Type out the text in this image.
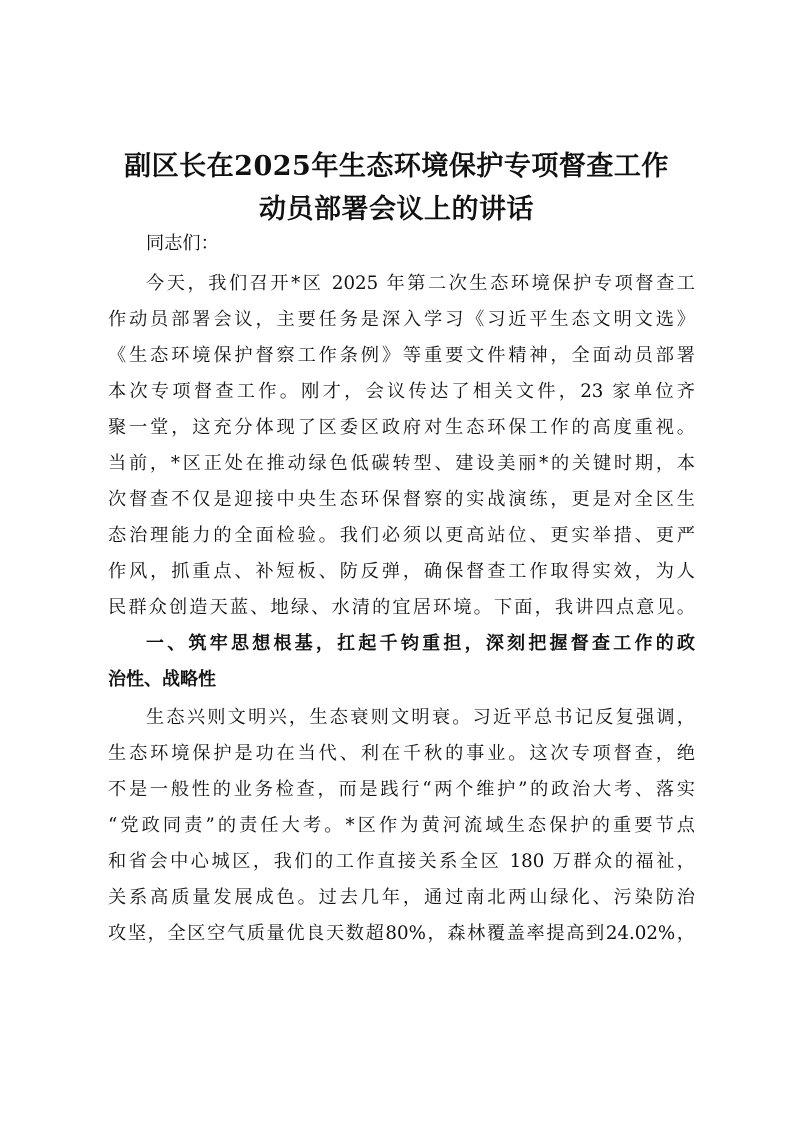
副区长在2025年生态环境保护专项督查工作
动员部署会议上的讲话
同志们：
今天，我们召开*区 2025 年第二次生态环境保护专项督查工
作动员部署会议，主要任务是深入学习《习近平生态文明文选》
《生态环境保护督察工作条例》等重要文件精神，全面动员部署
本次专项督查工作。刚才，会议传达了相关文件，23 家单位齐
聚一堂，这充分体现了区委区政府对生态环保工作的高度重视。
当前，*区正处在推动绿色低碳转型、建设美丽*的关键时期，本
次督查不仅是迎接中央生态环保督察的实战演练，更是对全区生
态治理能力的全面检验。我们必须以更高站位、更实举措、更严
作风，抓重点、补短板、防反弹，确保督查工作取得实效，为人
民群众创造天蓝、地绿、水清的宜居环境。下面，我讲四点意见。
一、筑牢思想根基，扛起千钧重担，深刻把握督查工作的政
治性、战略性
生态兴则文明兴，生态衰则文明衰。习近平总书记反复强调，
生态环境保护是功在当代、利在千秋的事业。这次专项督查，绝
不是一般性的业务检查，而是践行“两个维护”的政治大考、落实
“党政同责”的责任大考。*区作为黄河流域生态保护的重要节点
和省会中心城区，我们的工作直接关系全区 180 万群众的福祉，
关系高质量发展成色。过去几年，通过南北两山绿化、污染防治
攻坚，全区空气质量优良天数超80%，森林覆盖率提高到24.02%，
